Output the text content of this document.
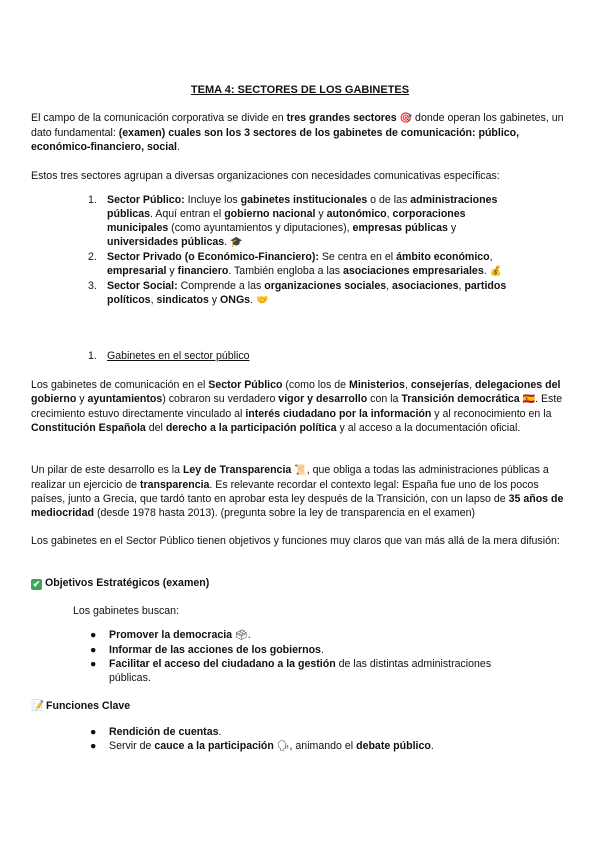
TEMA 4: SECTORES DE LOS GABINETES
El campo de la comunicación corporativa se divide en tres grandes sectores 🎯 donde operan los gabinetes, un dato fundamental: (examen) cuales son los 3 sectores de los gabinetes de comunicación: público, económico-financiero, social.
Estos tres sectores agrupan a diversas organizaciones con necesidades comunicativas específicas:
1. Sector Público: Incluye los gabinetes institucionales o de las administraciones públicas. Aquí entran el gobierno nacional y autonómico, corporaciones municipales (como ayuntamientos y diputaciones), empresas públicas y universidades públicas. 🎓
2. Sector Privado (o Económico-Financiero): Se centra en el ámbito económico, empresarial y financiero. También engloba a las asociaciones empresariales. 💰
3. Sector Social: Comprende a las organizaciones sociales, asociaciones, partidos políticos, sindicatos y ONGs. 🤝
1. Gabinetes en el sector público
Los gabinetes de comunicación en el Sector Público (como los de Ministerios, consejerías, delegaciones del gobierno y ayuntamientos) cobraron su verdadero vigor y desarrollo con la Transición democrática 🇪🇸. Este crecimiento estuvo directamente vinculado al interés ciudadano por la información y al reconocimiento en la Constitución Española del derecho a la participación política y al acceso a la documentación oficial.
Un pilar de este desarrollo es la Ley de Transparencia 📜, que obliga a todas las administraciones públicas a realizar un ejercicio de transparencia. Es relevante recordar el contexto legal: España fue uno de los pocos países, junto a Grecia, que tardó tanto en aprobar esta ley después de la Transición, con un lapso de 35 años de mediocridad (desde 1978 hasta 2013). (pregunta sobre la ley de transparencia en el examen)
Los gabinetes en el Sector Público tienen objetivos y funciones muy claros que van más allá de la mera difusión:
✔ Objetivos Estratégicos (examen)
Los gabinetes buscan:
● Promover la democracia 🗳.
● Informar de las acciones de los gobiernos.
● Facilitar el acceso del ciudadano a la gestión de las distintas administraciones públicas.
📝 Funciones Clave
● Rendición de cuentas.
● Servir de cauce a la participación 🗣, animando el debate público.
